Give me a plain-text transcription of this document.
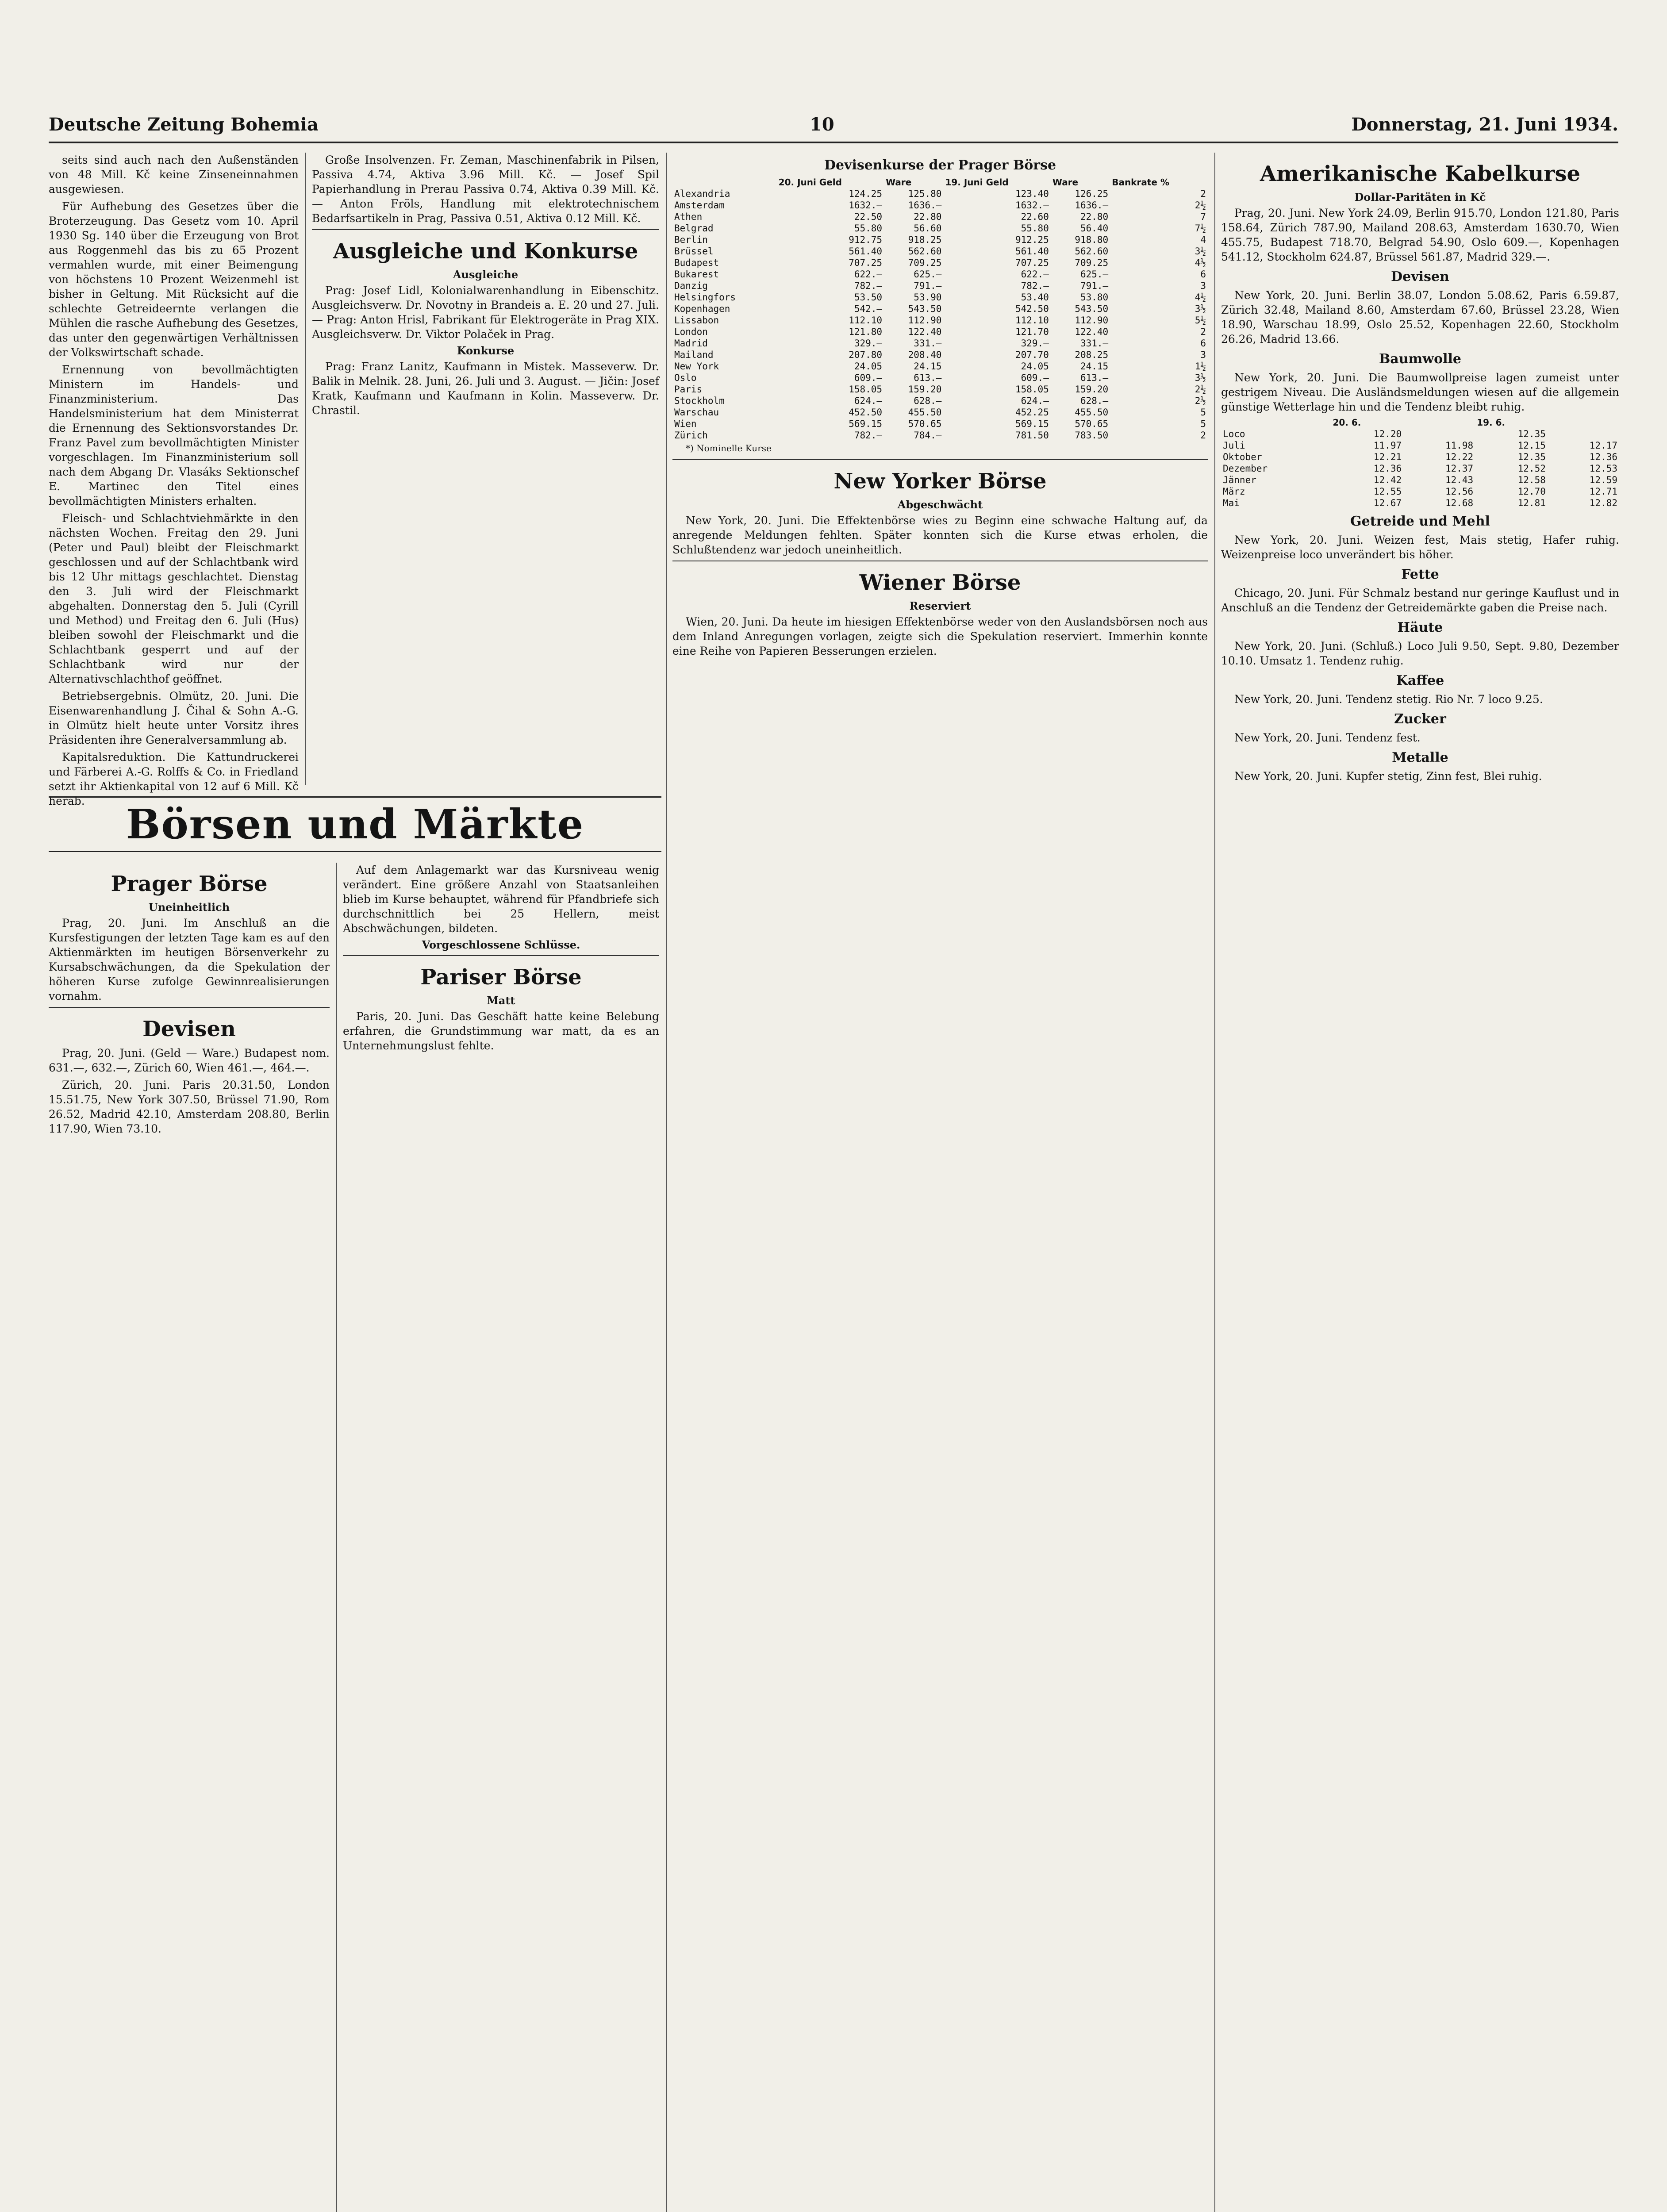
Deutsche Zeitung Bohemia	10	Donnerstag, 21. Juni 1934.

seits sind auch nach den Außenständen von 48 Mill. Kč keine Zinseneinnahmen ausgewiesen.

Für Aufhebung des Gesetzes über die Broterzeugung. Das Gesetz vom 10. April 1930 Sg. 140 über die Erzeugung von Brot aus Roggenmehl das bis zu 65 Prozent vermahlen wurde, mit einer Beimengung von höchstens 10 Prozent Weizenmehl ist bisher in Geltung. Mit Rücksicht auf die schlechte Getreideernte verlangen die Mühlen die rasche Aufhebung des Gesetzes, das unter den gegenwärtigen Verhältnissen der Volkswirtschaft schade.

Ernennung von bevollmächtigten Ministern im Handels- und Finanzministerium. Das Handelsministerium hat dem Ministerrat die Ernennung des Sektionsvorstandes Dr. Franz Pavel zum bevollmächtigten Minister vorgeschlagen. Im Finanzministerium soll nach dem Abgang Dr. Vlasáks Sektionschef E. Martinec den Titel eines bevollmächtigten Ministers erhalten.

Fleisch- und Schlachtviehmärkte in den nächsten Wochen. Freitag den 29. Juni (Peter und Paul) bleibt der Fleischmarkt geschlossen und auf der Schlachtbank wird bis 12 Uhr mittags geschlachtet. Dienstag den 3. Juli wird der Fleischmarkt abgehalten. Donnerstag den 5. Juli (Cyrill und Method) und Freitag den 6. Juli (Hus) bleiben sowohl der Fleischmarkt und die Schlachtbank gesperrt und auf der Schlachtbank wird nur der Alternativschlachthof geöffnet.

Betriebsergebnis. Olmütz, 20. Juni. Die Eisenwarenhandlung J. Čihal & Sohn A.-G. in Olmütz hielt heute unter Vorsitz ihres Präsidenten ihre Generalversammlung ab.

Kapitalsreduktion. Die Kattundruckerei und Färberei A.-G. Rolffs & Co. in Friedland setzt ihr Aktienkapital von 12 auf 6 Mill. Kč herab.

Große Insolvenzen. Fr. Zeman, Maschinenfabrik in Pilsen, Passiva 4.74, Aktiva 3.96 Mill. Kč. — Josef Spil Papierhandlung in Prerau Passiva 0.74, Aktiva 0.39 Mill. Kč. — Anton Fröls, Handlung mit elektrotechnischem Bedarfsartikeln in Prag, Passiva 0.51, Aktiva 0.12 Mill. Kč.

Ausgleiche und Konkurse
Ausgleiche

Prag: Josef Lidl, Kolonialwarenhandlung in Eibenschitz. Ausgleichsverw. Dr. Novotny in Brandeis a. E. 20 und 27. Juli. — Prag: Anton Hrisl, Fabrikant für Elektrogeräte in Prag XIX. Ausgleichsverw. Dr. Viktor Polaček in Prag.

Konkurse

Prag: Franz Lanitz, Kaufmann in Mistek. Masseverw. Dr. Balik in Melnik. 28. Juni, 26. Juli und 3. August. — Jičin: Josef Kratk, Kaufmann und Kaufmann in Kolin. Masseverw. Dr. Chrastil.

Börsen und Märkte
Prager Börse
Uneinheitlich

Prag, 20. Juni. Im Anschluß an die Kursfestigungen der letzten Tage kam es auf den Aktienmärkten im heutigen Börsenverkehr zu Kursabschwächungen, da die Spekulation der höheren Kurse zufolge Gewinnrealisierungen vornahm.

Devisen

Prag, 20. Juni. (Geld — Ware.) Budapest nom. 631.—, 632.—, Zürich 60, Wien 461.—, 464.—.

Zürich, 20. Juni. Paris 20.31.50, London 15.51.75, New York 307.50, Brüssel 71.90, Rom 26.52, Madrid 42.10, Amsterdam 208.80, Berlin 117.90, Wien 73.10.

Auf dem Anlagemarkt war das Kursniveau wenig verändert. Eine größere Anzahl von Staatsanleihen blieb im Kurse behauptet, während für Pfandbriefe sich durchschnittlich bei 25 Hellern, meist Abschwächungen, bildeten.

Vorgeschlossene Schlüsse.
Pariser Börse
Matt

Paris, 20. Juni. Das Geschäft hatte keine Belebung erfahren, die Grundstimmung war matt, da es an Unternehmungslust fehlte.

Devisenkurse der Prager Börse
	20. Juni Geld	Ware	19. Juni Geld	Ware	Bankrate %
Alexandria	124.25	125.80	123.40	126.25	2
Amsterdam	1632.—	1636.—	1632.—	1636.—	2½
Athen	22.50	22.80	22.60	22.80	7
Belgrad	55.80	56.60	55.80	56.40	7½
Berlin	912.75	918.25	912.25	918.80	4
Brüssel	561.40	562.60	561.40	562.60	3½
Budapest	707.25	709.25	707.25	709.25	4½
Bukarest	622.—	625.—	622.—	625.—	6
Danzig	782.—	791.—	782.—	791.—	3
Helsingfors	53.50	53.90	53.40	53.80	4½
Kopenhagen	542.—	543.50	542.50	543.50	3½
Lissabon	112.10	112.90	112.10	112.90	5½
London	121.80	122.40	121.70	122.40	2
Madrid	329.—	331.—	329.—	331.—	6
Mailand	207.80	208.40	207.70	208.25	3
New York	24.05	24.15	24.05	24.15	1½
Oslo	609.—	613.—	609.—	613.—	3½
Paris	158.05	159.20	158.05	159.20	2½
Stockholm	624.—	628.—	624.—	628.—	2½
Warschau	452.50	455.50	452.25	455.50	5
Wien	569.15	570.65	569.15	570.65	5
Zürich	782.—	784.—	781.50	783.50	2

*) Nominelle Kurse

New Yorker Börse
Abgeschwächt

New York, 20. Juni. Die Effektenbörse wies zu Beginn eine schwache Haltung auf, da anregende Meldungen fehlten. Später konnten sich die Kurse etwas erholen, die Schlußtendenz war jedoch uneinheitlich.

Wiener Börse
Reserviert

Wien, 20. Juni. Da heute im hiesigen Effektenbörse weder von den Auslandsbörsen noch aus dem Inland Anregungen vorlagen, zeigte sich die Spekulation reserviert. Immerhin konnte eine Reihe von Papieren Besserungen erzielen.

Amerikanische Kabelkurse
Dollar-Paritäten in Kč

Prag, 20. Juni. New York 24.09, Berlin 915.70, London 121.80, Paris 158.64, Zürich 787.90, Mailand 208.63, Amsterdam 1630.70, Wien 455.75, Budapest 718.70, Belgrad 54.90, Oslo 609.—, Kopenhagen 541.12, Stockholm 624.87, Brüssel 561.87, Madrid 329.—.

Devisen

New York, 20. Juni. Berlin 38.07, London 5.08.62, Paris 6.59.87, Zürich 32.48, Mailand 8.60, Amsterdam 67.60, Brüssel 23.28, Wien 18.90, Warschau 18.99, Oslo 25.52, Kopenhagen 22.60, Stockholm 26.26, Madrid 13.66.

Baumwolle

New York, 20. Juni. Die Baumwollpreise lagen zumeist unter gestrigem Niveau. Die Ausländsmeldungen wiesen auf die allgemein günstige Wetterlage hin und die Tendenz bleibt ruhig.

	20. 6.		19. 6.	
Loco	12.20		12.35	
Juli	11.97	11.98	12.15	12.17
Oktober	12.21	12.22	12.35	12.36
Dezember	12.36	12.37	12.52	12.53
Jänner	12.42	12.43	12.58	12.59
März	12.55	12.56	12.70	12.71
Mai	12.67	12.68	12.81	12.82
Getreide und Mehl

New York, 20. Juni. Weizen fest, Mais stetig, Hafer ruhig. Weizenpreise loco unverändert bis höher.

Fette

Chicago, 20. Juni. Für Schmalz bestand nur geringe Kauflust und in Anschluß an die Tendenz der Getreidemärkte gaben die Preise nach.

Häute

New York, 20. Juni. (Schluß.) Loco Juli 9.50, Sept. 9.80, Dezember 10.10. Umsatz 1. Tendenz ruhig.

Kaffee

New York, 20. Juni. Tendenz stetig. Rio Nr. 7 loco 9.25.

Zucker

New York, 20. Juni. Tendenz fest.

Metalle

New York, 20. Juni. Kupfer stetig, Zinn fest, Blei ruhig.
